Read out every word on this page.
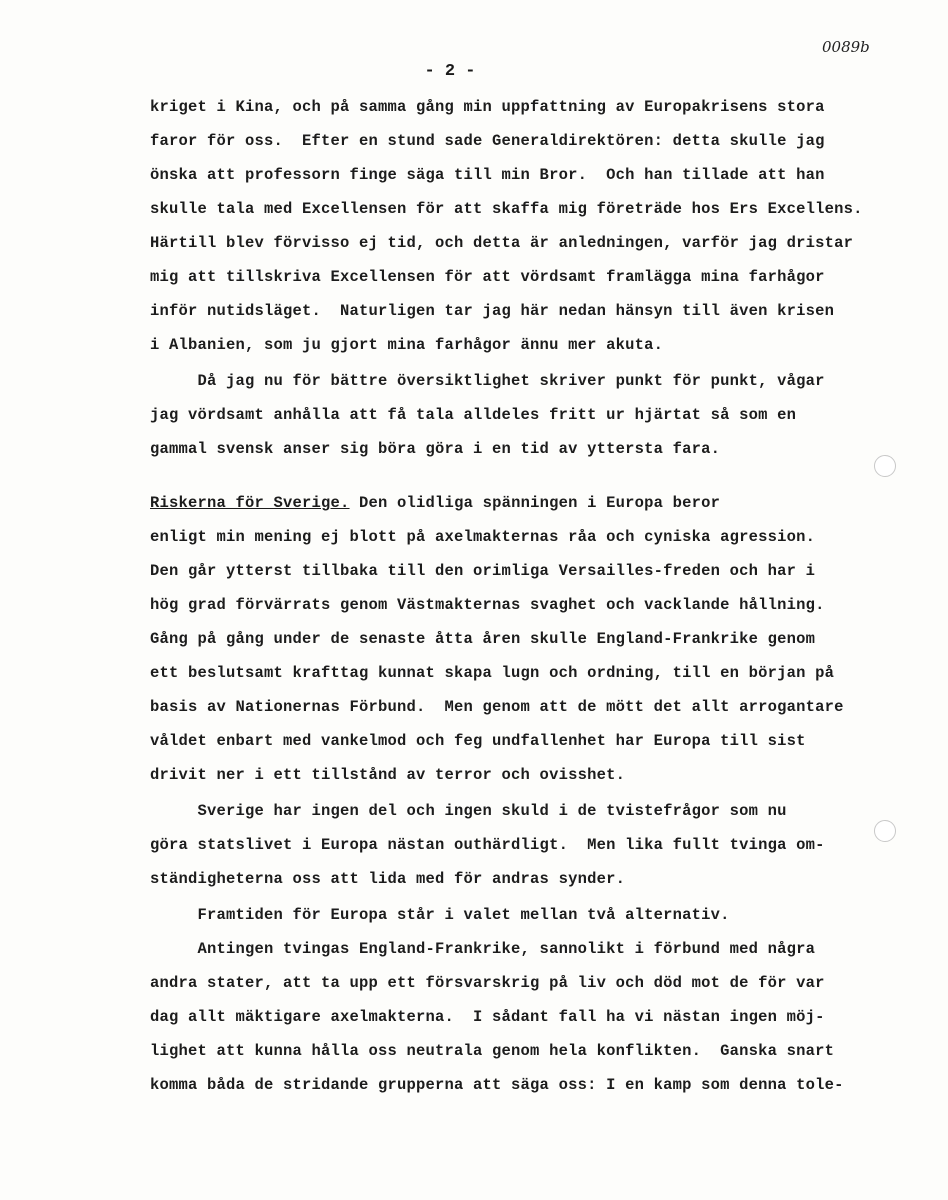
0089b
- 2 -
kriget i Kina, och på samma gång min uppfattning av Europakrisens stora
faror för oss.  Efter en stund sade Generaldirektören: detta skulle jag
önska att professorn finge säga till min Bror.  Och han tillade att han
skulle tala med Excellensen för att skaffa mig företräde hos Ers Excellens.
Härtill blev förvisso ej tid, och detta är anledningen, varför jag dristar
mig att tillskriva Excellensen för att vördsamt framlägga mina farhågor
inför nutidsläget.  Naturligen tar jag här nedan hänsyn till även krisen
i Albanien, som ju gjort mina farhågor ännu mer akuta.
Då jag nu för bättre översiktlighet skriver punkt för punkt, vågar
jag vördsamt anhålla att få tala alldeles fritt ur hjärtat så som en
gammal svensk anser sig böra göra i en tid av yttersta fara.
Riskerna för Sverige. Den olidliga spänningen i Europa beror
enligt min mening ej blott på axelmakternas råa och cyniska agression.
Den går ytterst tillbaka till den orimliga Versailles-freden och har i
hög grad förvärrats genom Västmakternas svaghet och vacklande hållning.
Gång på gång under de senaste åtta åren skulle England-Frankrike genom
ett beslutsamt krafttag kunnat skapa lugn och ordning, till en början på
basis av Nationernas Förbund.  Men genom att de mött det allt arrogantare
våldet enbart med vankelmod och feg undfallenhet har Europa till sist
drivit ner i ett tillstånd av terror och ovisshet.
Sverige har ingen del och ingen skuld i de tvistefrågor som nu
göra statslivet i Europa nästan outhärdligt.  Men lika fullt tvinga om-
ständigheterna oss att lida med för andras synder.
Framtiden för Europa står i valet mellan två alternativ.
Antingen tvingas England-Frankrike, sannolikt i förbund med några
andra stater, att ta upp ett försvarskrig på liv och död mot de för var
dag allt mäktigare axelmakterna.  I sådant fall ha vi nästan ingen möj-
lighet att kunna hålla oss neutrala genom hela konflikten.  Ganska snart
komma båda de stridande grupperna att säga oss: I en kamp som denna tole-
